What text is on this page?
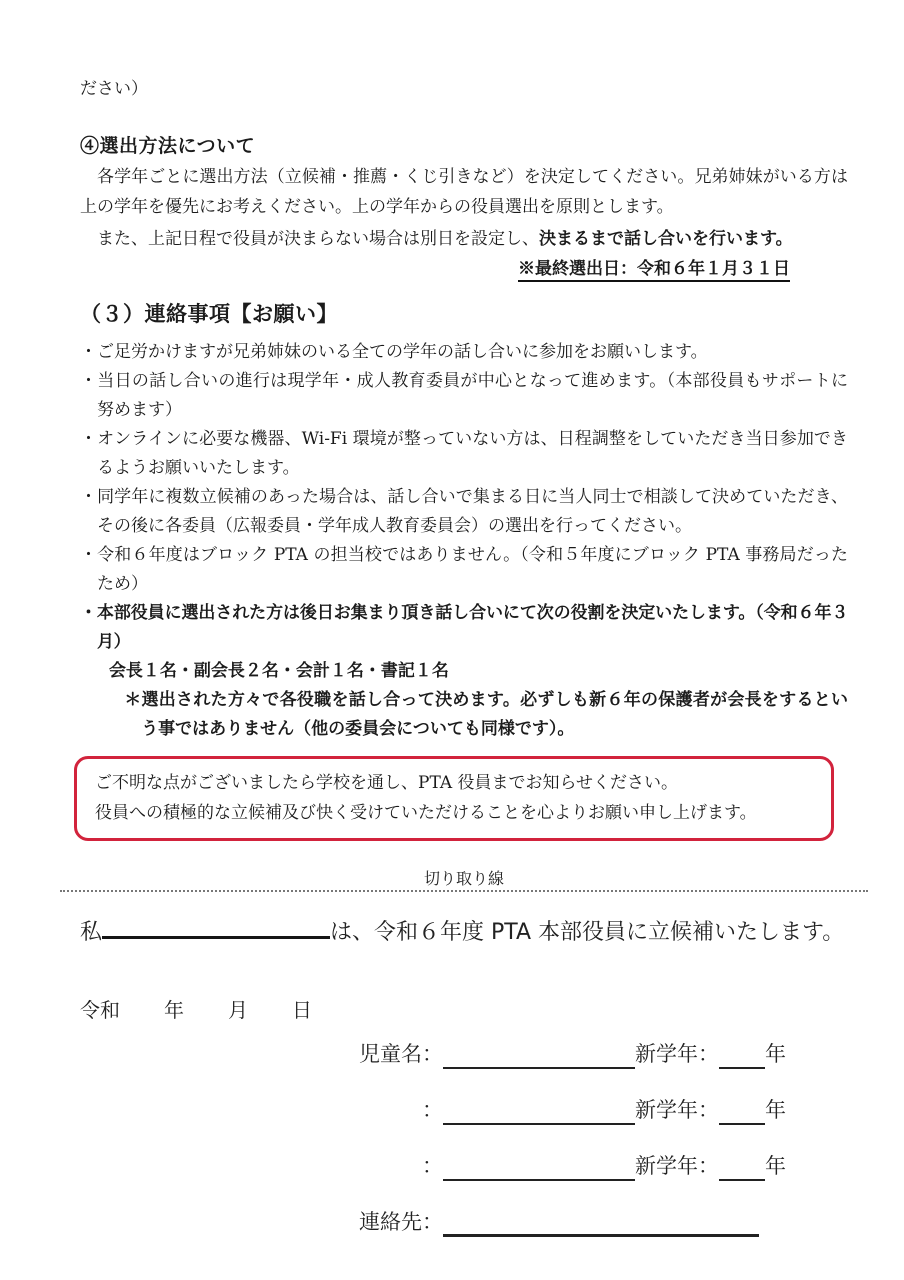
ださい）
④選出方法について
各学年ごとに選出方法（立候補・推薦・くじ引きなど）を決定してください。兄弟姉妹がいる方は上の学年を優先にお考えください。上の学年からの役員選出を原則とします。
また、上記日程で役員が決まらない場合は別日を設定し、決まるまで話し合いを行います。
※最終選出日：令和６年１月３１日
（３）連絡事項【お願い】
・ご足労かけますが兄弟姉妹のいる全ての学年の話し合いに参加をお願いします。
・当日の話し合いの進行は現学年・成人教育委員が中心となって進めます。（本部役員もサポートに努めます）
・オンラインに必要な機器、Wi-Fi 環境が整っていない方は、日程調整をしていただき当日参加できるようお願いいたします。
・同学年に複数立候補のあった場合は、話し合いで集まる日に当人同士で相談して決めていただき、その後に各委員（広報委員・学年成人教育委員会）の選出を行ってください。
・令和６年度はブロック PTA の担当校ではありません。（令和５年度にブロック PTA 事務局だったため）
・本部役員に選出された方は後日お集まり頂き話し合いにて次の役割を決定いたします。（令和６年３月）
会長１名・副会長２名・会計１名・書記１名
＊選出された方々で各役職を話し合って決めます。必ずしも新６年の保護者が会長をするという事ではありません（他の委員会についても同様です）。
ご不明な点がございましたら学校を通し、PTA 役員までお知らせください。
役員への積極的な立候補及び快く受けていただけることを心よりお願い申し上げます。
切り取り線
私	は、令和６年度 PTA 本部役員に立候補いたします。
令和 年 月 日
児童名：	新学年： 年
：	新学年： 年
：	新学年： 年
連絡先：
